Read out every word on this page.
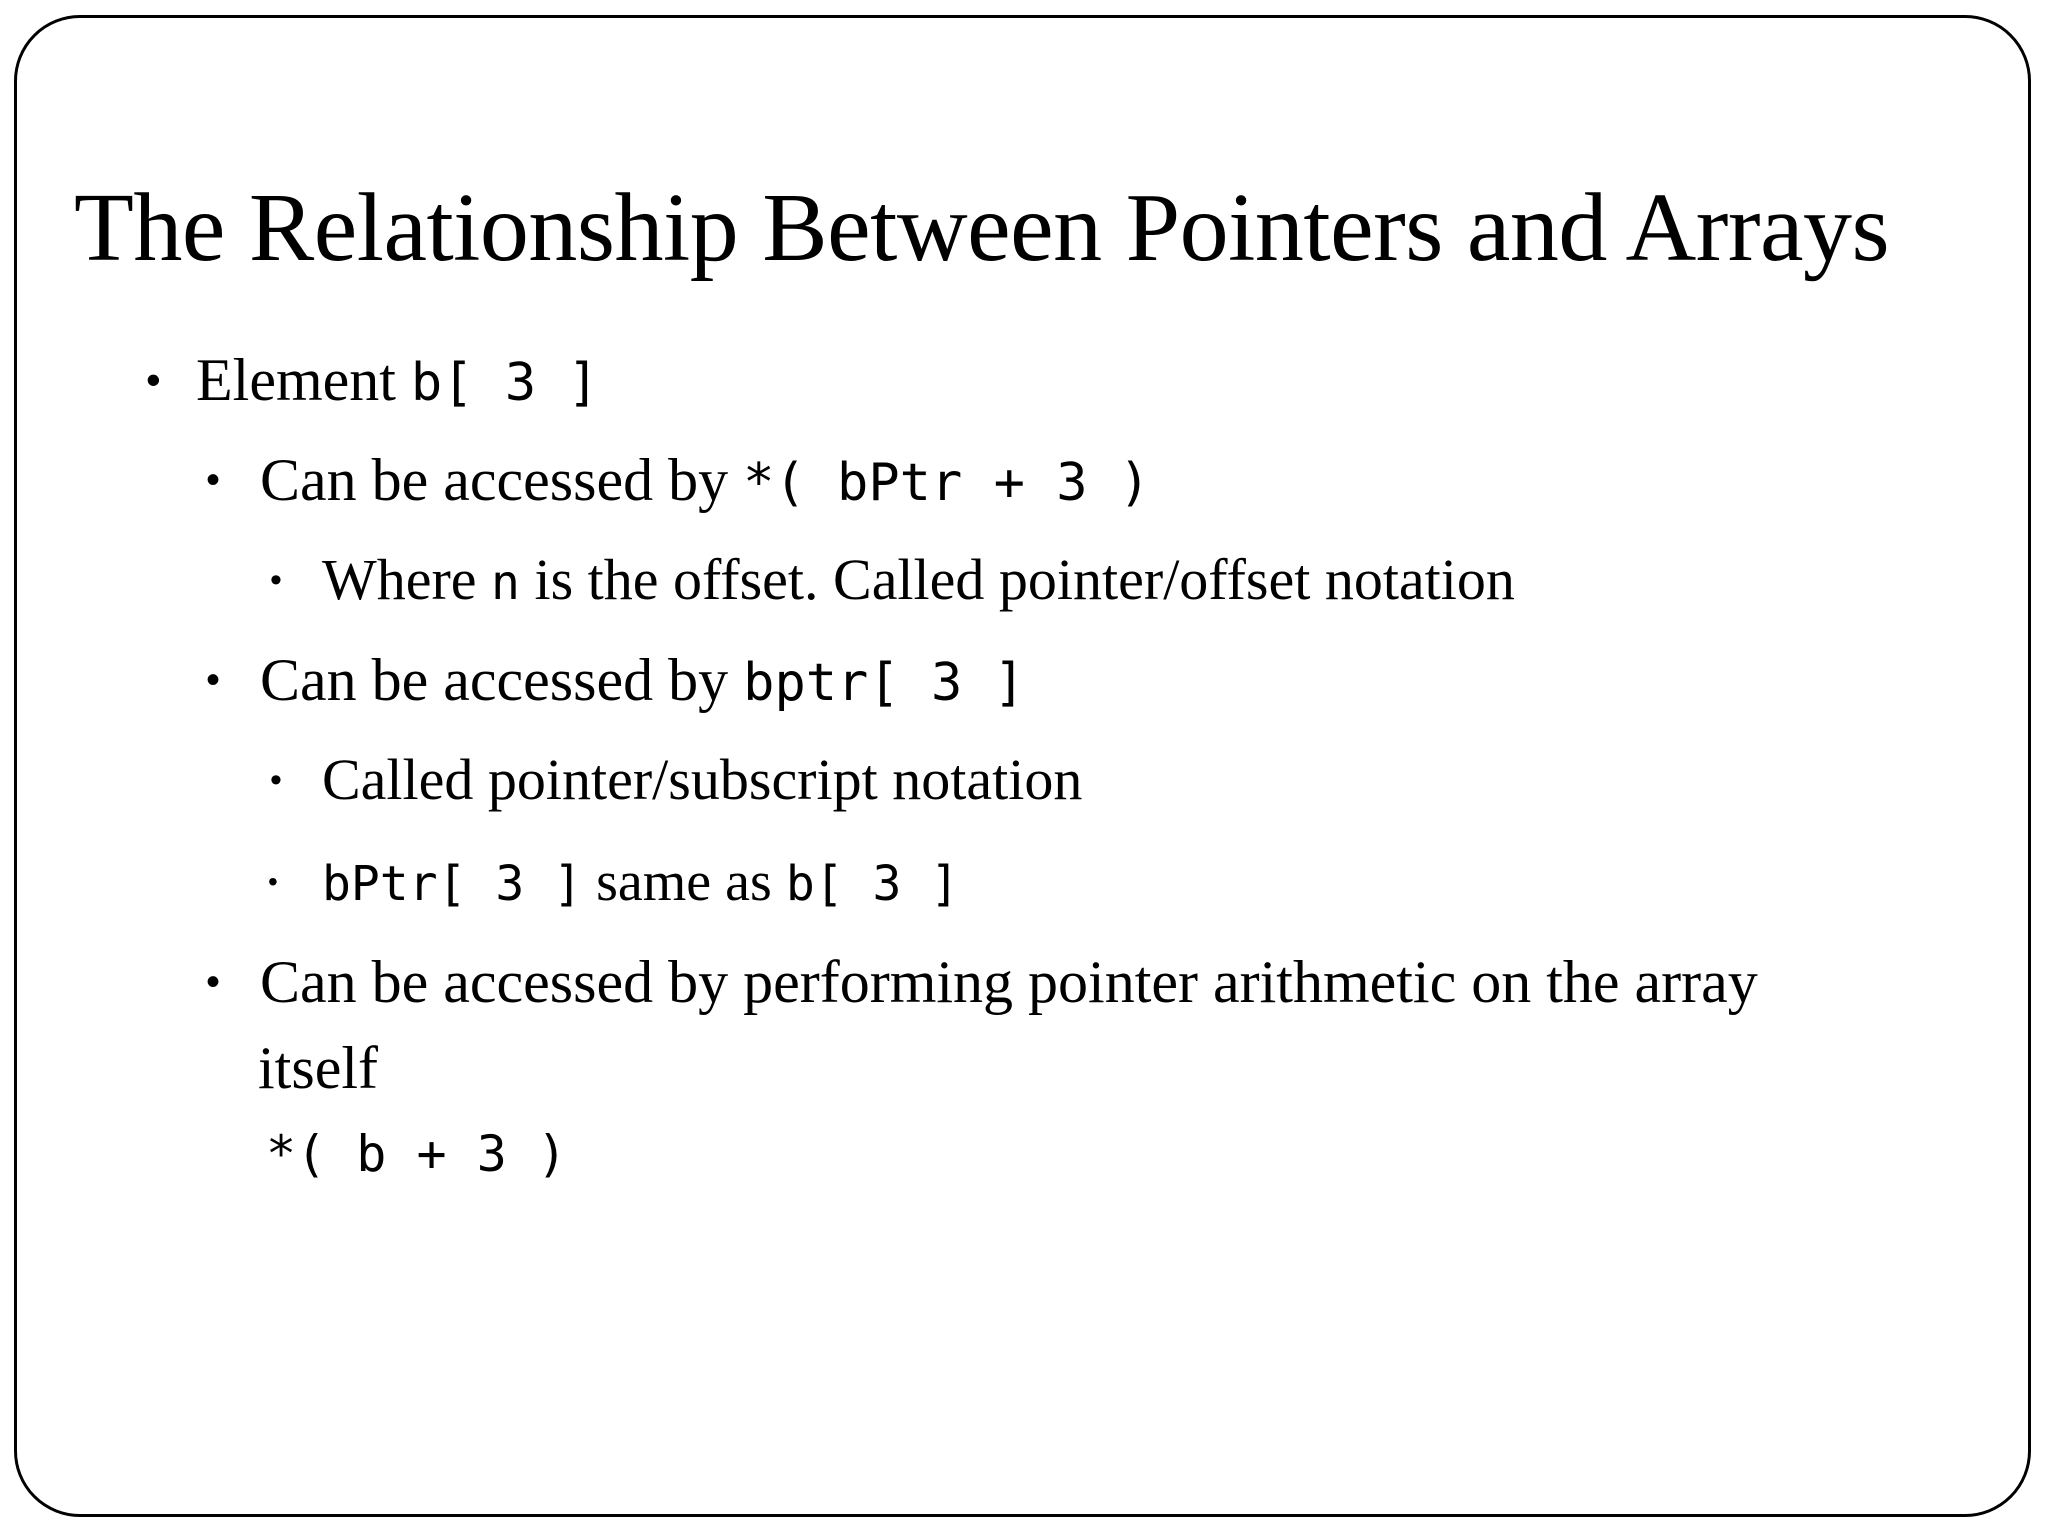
The Relationship Between Pointers and Arrays
• Element b[ 3 ]
• Can be accessed by *( bPtr + 3 )
• Where n is the offset. Called pointer/offset notation
• Can be accessed by bptr[ 3 ]
• Called pointer/subscript notation
• bPtr[ 3 ] same as b[ 3 ]
• Can be accessed by performing pointer arithmetic on the array
itself
*( b + 3 )
